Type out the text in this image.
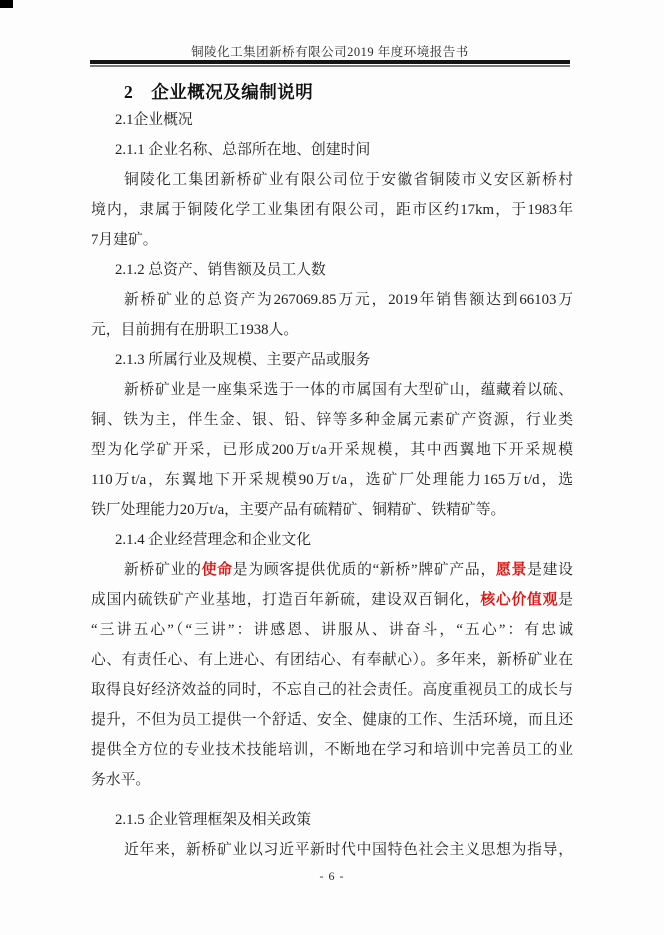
铜陵化工集团新桥有限公司2019 年度环境报告书
2　企业概况及编制说明
2.1企业概况
2.1.1 企业名称、总部所在地、创建时间
铜陵化工集团新桥矿业有限公司位于安徽省铜陵市义安区新桥村
境内，隶属于铜陵化学工业集团有限公司，距市区约17km，于1983年
7月建矿。
2.1.2 总资产、销售额及员工人数
新桥矿业的总资产为267069.85万元，2019年销售额达到66103万
元，目前拥有在册职工1938人。
2.1.3 所属行业及规模、主要产品或服务
新桥矿业是一座集采选于一体的市属国有大型矿山，蕴藏着以硫、
铜、铁为主，伴生金、银、铅、锌等多种金属元素矿产资源，行业类
型为化学矿开采，已形成200万t/a开采规模，其中西翼地下开采规模
110万t/a，东翼地下开采规模90万t/a，选矿厂处理能力165万t/d，选
铁厂处理能力20万t/a，主要产品有硫精矿、铜精矿、铁精矿等。
2.1.4 企业经营理念和企业文化
新桥矿业的使命是为顾客提供优质的“新桥”牌矿产品，愿景是建设
成国内硫铁矿产业基地，打造百年新硫，建设双百铜化，核心价值观是
“三讲五心”（“三讲”：讲感恩、讲服从、讲奋斗，“五心”：有忠诚
心、有责任心、有上进心、有团结心、有奉献心）。多年来，新桥矿业在
取得良好经济效益的同时，不忘自己的社会责任。高度重视员工的成长与
提升，不但为员工提供一个舒适、安全、健康的工作、生活环境，而且还
提供全方位的专业技术技能培训，不断地在学习和培训中完善员工的业
务水平。
2.1.5 企业管理框架及相关政策
近年来，新桥矿业以习近平新时代中国特色社会主义思想为指导，
- 6 -
